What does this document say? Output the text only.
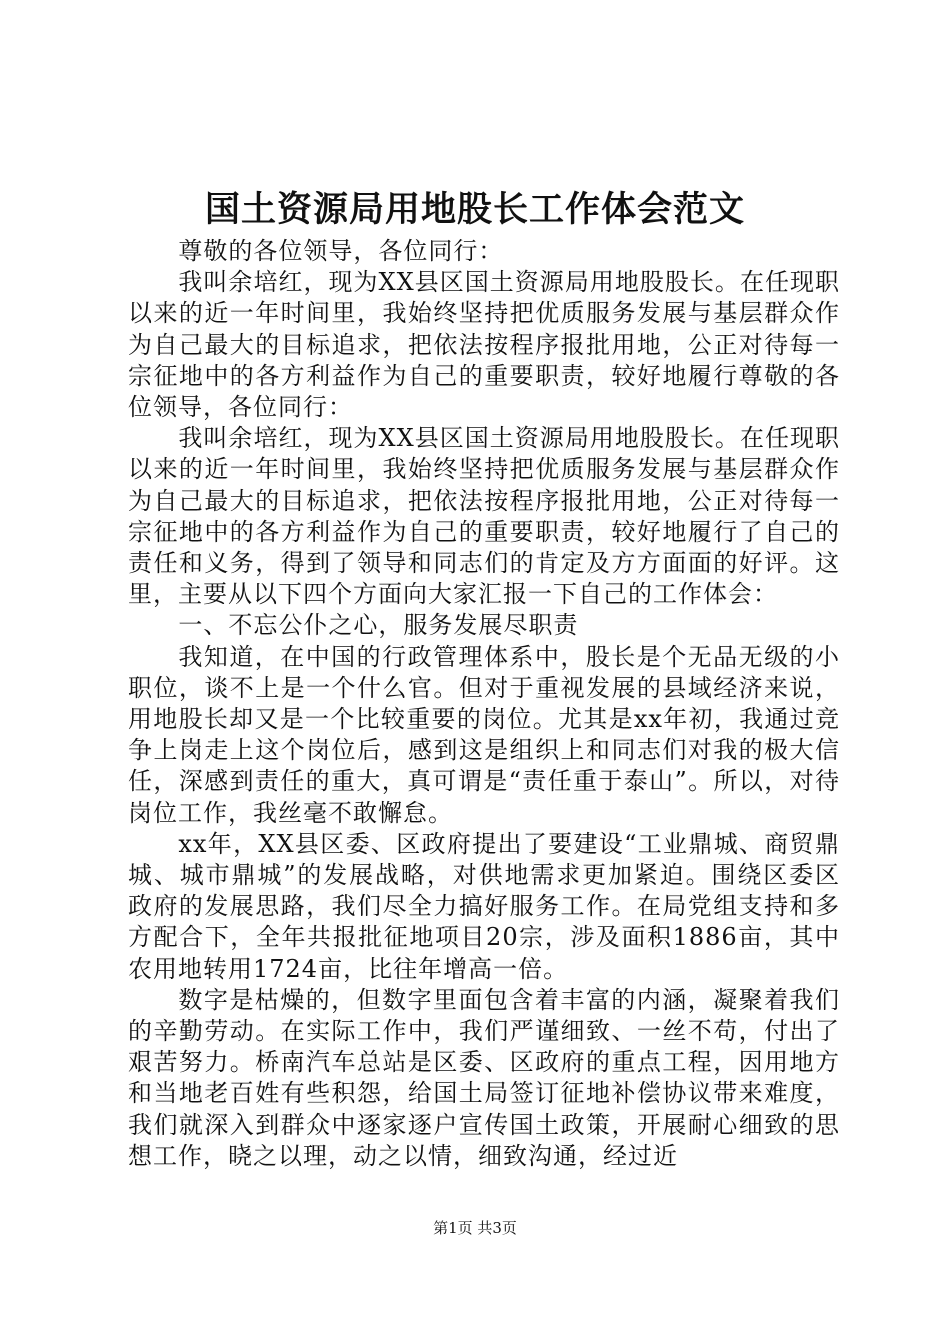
国土资源局用地股长工作体会范文

尊敬的各位领导，各位同行：

我叫余培红，现为XX县区国土资源局用地股股长。在任现职以来的近一年时间里，我始终坚持把优质服务发展与基层群众作为自己最大的目标追求，把依法按程序报批用地，公正对待每一宗征地中的各方利益作为自己的重要职责，较好地履行尊敬的各位领导，各位同行：

我叫余培红，现为XX县区国土资源局用地股股长。在任现职以来的近一年时间里，我始终坚持把优质服务发展与基层群众作为自己最大的目标追求，把依法按程序报批用地，公正对待每一宗征地中的各方利益作为自己的重要职责，较好地履行了自己的责任和义务，得到了领导和同志们的肯定及方方面面的好评。这里，主要从以下四个方面向大家汇报一下自己的工作体会：

一、不忘公仆之心，服务发展尽职责

我知道，在中国的行政管理体系中，股长是个无品无级的小职位，谈不上是一个什么官。但对于重视发展的县域经济来说，用地股长却又是一个比较重要的岗位。尤其是xx年初，我通过竞争上岗走上这个岗位后，感到这是组织上和同志们对我的极大信任，深感到责任的重大，真可谓是“责任重于泰山”。所以，对待岗位工作，我丝毫不敢懈怠。

xx年，XX县区委、区政府提出了要建设“工业鼎城、商贸鼎城、城市鼎城”的发展战略，对供地需求更加紧迫。围绕区委区政府的发展思路，我们尽全力搞好服务工作。在局党组支持和多方配合下，全年共报批征地项目20宗，涉及面积1886亩，其中农用地转用1724亩，比往年增高一倍。

数字是枯燥的，但数字里面包含着丰富的内涵，凝聚着我们的辛勤劳动。在实际工作中，我们严谨细致、一丝不苟，付出了艰苦努力。桥南汽车总站是区委、区政府的重点工程，因用地方和当地老百姓有些积怨，给国土局签订征地补偿协议带来难度，我们就深入到群众中逐家逐户宣传国土政策，开展耐心细致的思想工作，晓之以理，动之以情，细致沟通，经过近

第1页 共3页
